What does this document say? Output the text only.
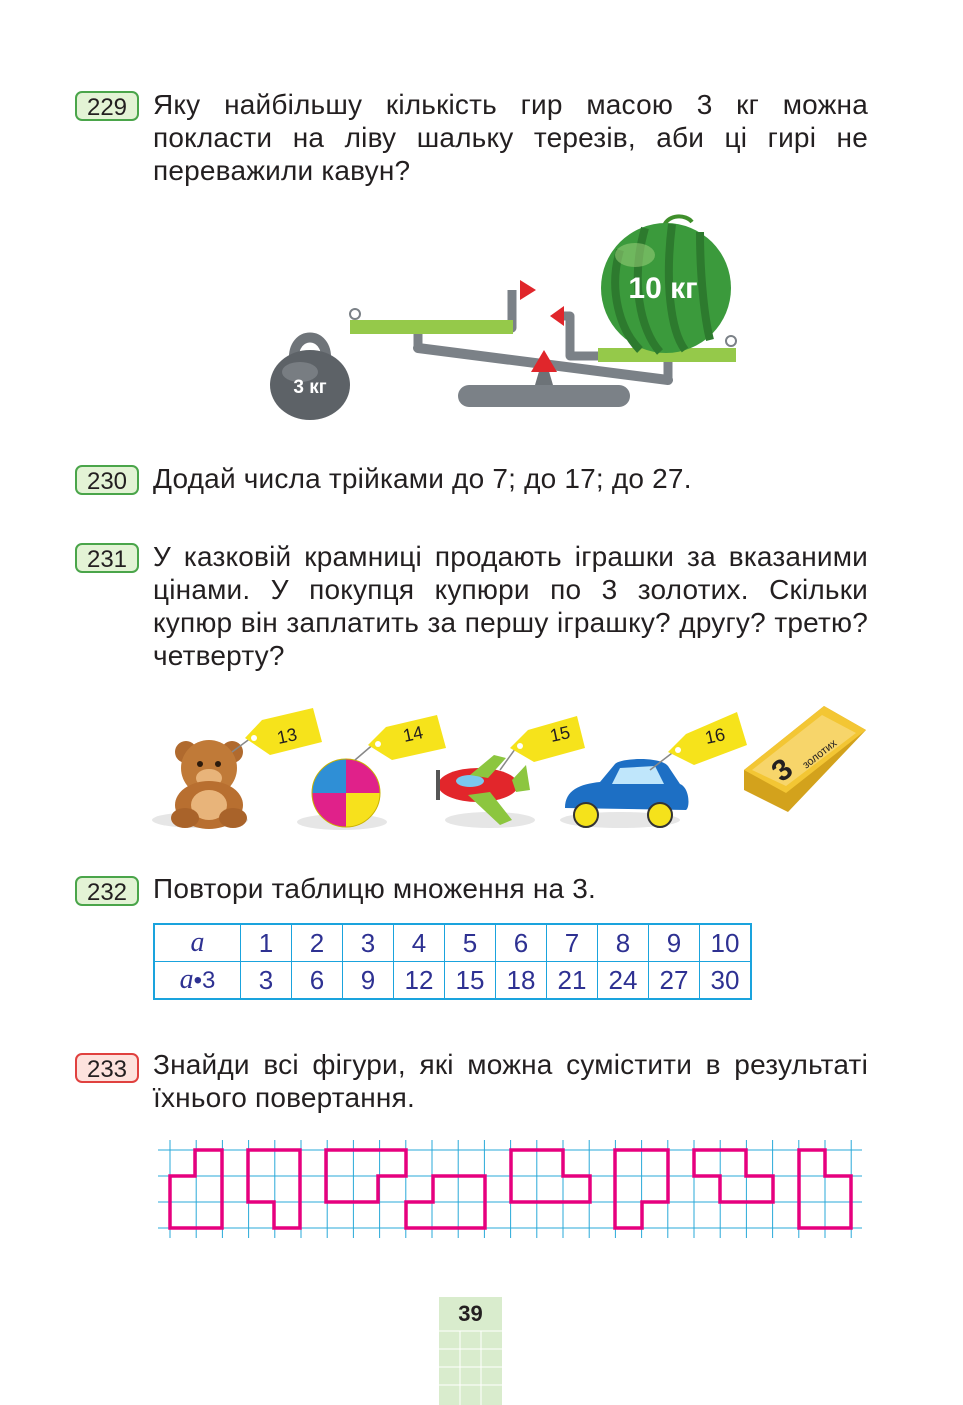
229 Яку найбільшу кількість гир масою 3 кг можна покласти на ліву шальку терезів, аби ці гирі не переважили кавун?
3 кг
10 кг
230 Додай числа трійками до 7; до 17; до 27.
231 У казковій крамниці продають іграшки за вказаними цінами. У покупця купюри по 3 золотих. Скільки купюр він заплатить за першу іграшку? другу? третю? четверту?
13	14	15	16
3 золотих
232 Повтори таблицю множення на 3.
a	1	2	3	4	5	6	7	8	9	10
a•3	3	6	9	12	15	18	21	24	27	30
233 Знайди всі фігури, які можна сумістити в результаті їхнього повертання.
39
